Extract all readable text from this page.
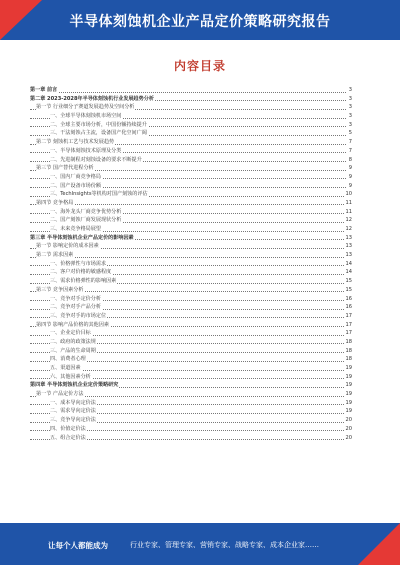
半导体刻蚀机企业产品定价策略研究报告
内容目录
第一章 前言	3
第二章 2023-2028年半导体刻蚀机行业发展趋势分析	3
第一节 行业细分子赛道发展趋势及空间分析	3
一、全球半导体刻蚀机市场空间	3
二、全球主要市场分析，中国份额持续提升	3
三、干法刻蚀占主流，设备国产化空间广阔	5
第二节 刻蚀机工艺与技术发展趋势	7
一、半导体刻蚀技术原理及分类	7
二、先进制程对刻蚀设备的要求不断提升	8
第三节 国产替代进程分析	9
一、国内厂商竞争格局	9
二、国产设备市场份额	9
三、TechInsights等机构对国产刻蚀的评估	10
第四节 竞争格局	11
一、海外龙头厂商竞争优势分析	11
二、国产刻蚀厂商发展现状分析	12
三、未来竞争格局展望	12
第三章 半导体刻蚀机企业产品定价的影响因素	13
第一节 影响定价的成本因素	13
第二节 需求因素	13
一、价格弹性与市场需求	14
二、客户对价格的敏感程度	14
三、需求价格弹性的影响因素	15
第三节 竞争因素分析	15
一、竞争对手定价分析	16
二、竞争对手产品分析	16
三、竞争对手的市场定位	17
第四节 影响产品价格的其他因素	17
一、企业定价目标	17
二、政府的政策法规	18
三、产品的生命周期	18
四、消费者心理	18
五、渠道因素	19
六、其他因素分析	19
第四章 半导体刻蚀机企业定价策略研究	19
第一节 产品定价方法	19
一、成本导向定价法	19
二、需求导向定价法	19
三、竞争导向定价法	20
四、价值定价法	20
五、组合定价法	20
让每个人都能成为	行业专家、管理专家、营销专家、战略专家、成本企业家……
